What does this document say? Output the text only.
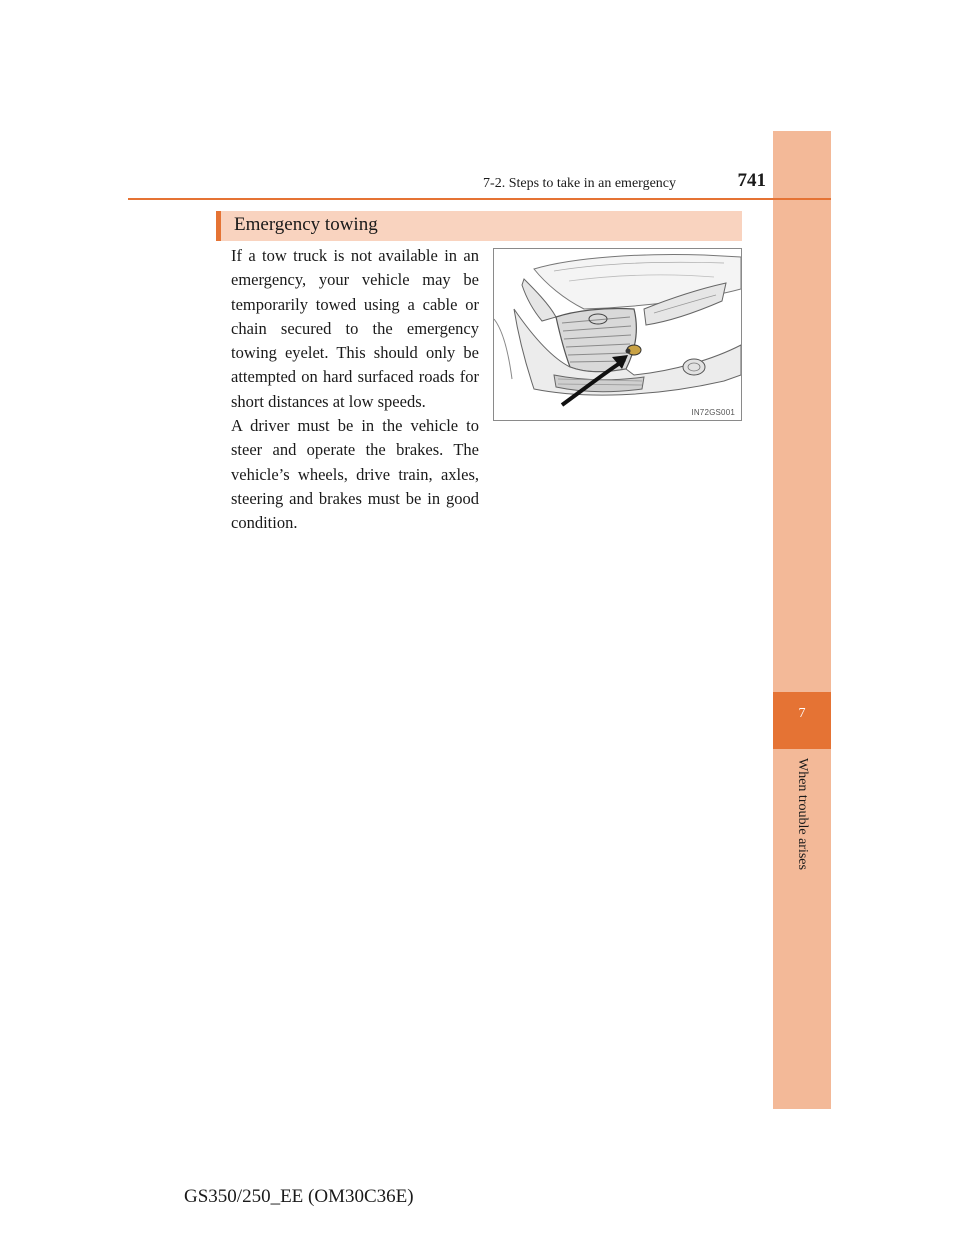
7
When trouble arises
7-2. Steps to take in an emergency	741
Emergency towing

If a tow truck is not available in an emergency, your vehicle may be temporarily towed using a cable or chain secured to the emergency towing eyelet. This should only be attempted on hard surfaced roads for short distances at low speeds.

A driver must be in the vehicle to steer and operate the brakes. The vehicle’s wheels, drive train, axles, steering and brakes must be in good condition.

IN72GS001
GS350/250_EE (OM30C36E)
